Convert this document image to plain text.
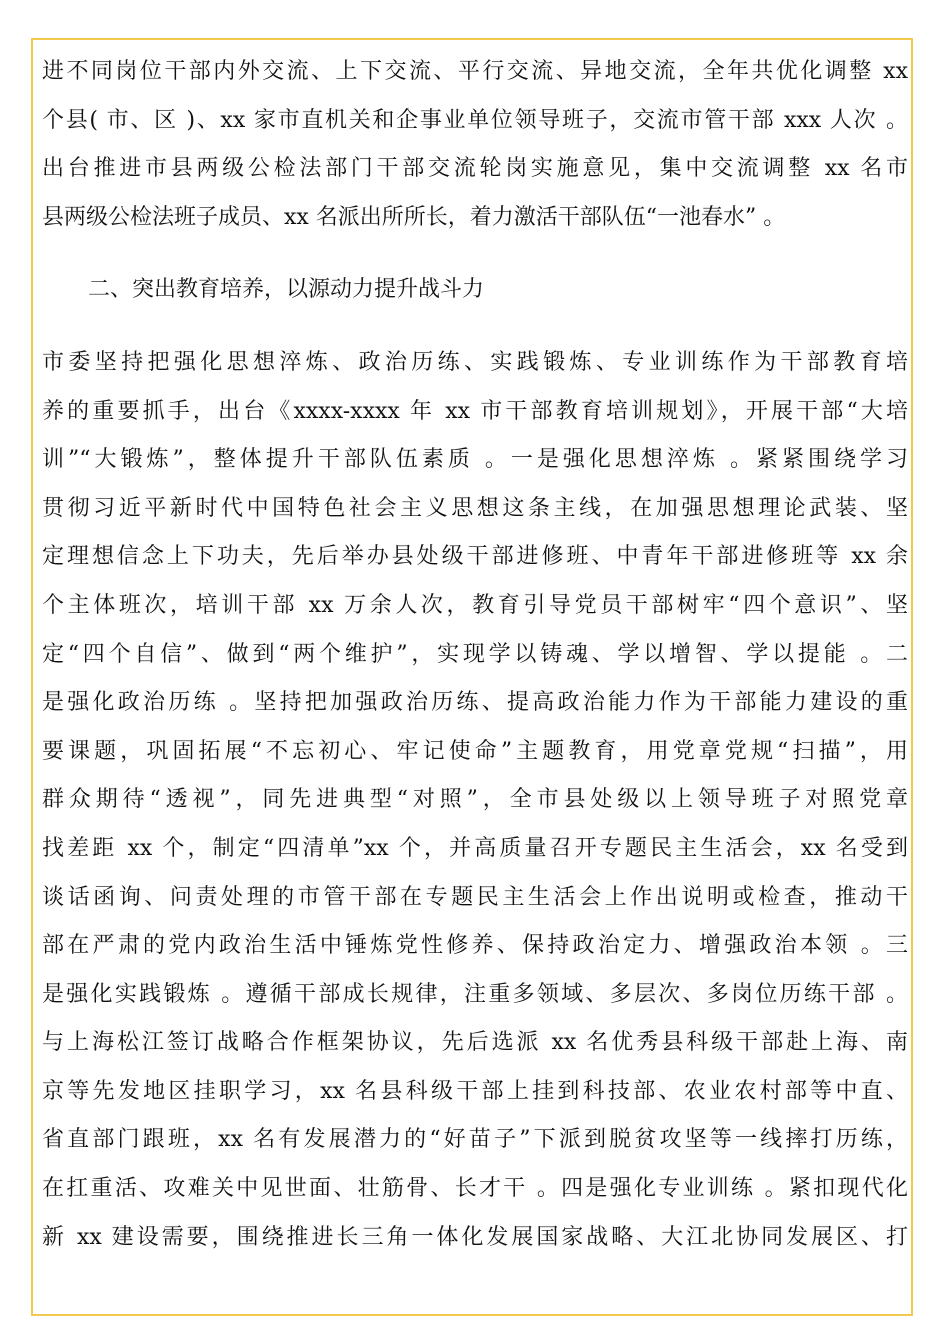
进不同岗位干部内外交流、上下交流、平行交流、异地交流，全年共优化调整 xx
个县( 市、区 )、xx 家市直机关和企事业单位领导班子，交流市管干部 xxx 人次 。
出台推进市县两级公检法部门干部交流轮岗实施意见，集中交流调整 xx 名市
县两级公检法班子成员、xx 名派出所所长，着力激活干部队伍“一池春水” 。
二、突出教育培养，以源动力提升战斗力
市委坚持把强化思想淬炼、政治历练、实践锻炼、专业训练作为干部教育培
养的重要抓手，出台《xxxx-xxxx 年 xx 市干部教育培训规划》，开展干部“大培
训”“大锻炼”，整体提升干部队伍素质 。一是强化思想淬炼 。紧紧围绕学习
贯彻习近平新时代中国特色社会主义思想这条主线，在加强思想理论武装、坚
定理想信念上下功夫，先后举办县处级干部进修班、中青年干部进修班等 xx 余
个主体班次，培训干部 xx 万余人次，教育引导党员干部树牢“四个意识”、坚
定“四个自信”、做到“两个维护”，实现学以铸魂、学以增智、学以提能 。二
是强化政治历练 。坚持把加强政治历练、提高政治能力作为干部能力建设的重
要课题，巩固拓展“不忘初心、牢记使命”主题教育，用党章党规“扫描”，用
群众期待“透视”，同先进典型“对照”，全市县处级以上领导班子对照党章
找差距 xx 个，制定“四清单”xx 个，并高质量召开专题民主生活会，xx 名受到
谈话函询、问责处理的市管干部在专题民主生活会上作出说明或检查，推动干
部在严肃的党内政治生活中锤炼党性修养、保持政治定力、增强政治本领 。三
是强化实践锻炼 。遵循干部成长规律，注重多领域、多层次、多岗位历练干部 。
与上海松江签订战略合作框架协议，先后选派 xx 名优秀县科级干部赴上海、南
京等先发地区挂职学习，xx 名县科级干部上挂到科技部、农业农村部等中直、
省直部门跟班，xx 名有发展潜力的“好苗子”下派到脱贫攻坚等一线摔打历练，
在扛重活、攻难关中见世面、壮筋骨、长才干 。四是强化专业训练 。紧扣现代化
新 xx 建设需要，围绕推进长三角一体化发展国家战略、大江北协同发展区、打
